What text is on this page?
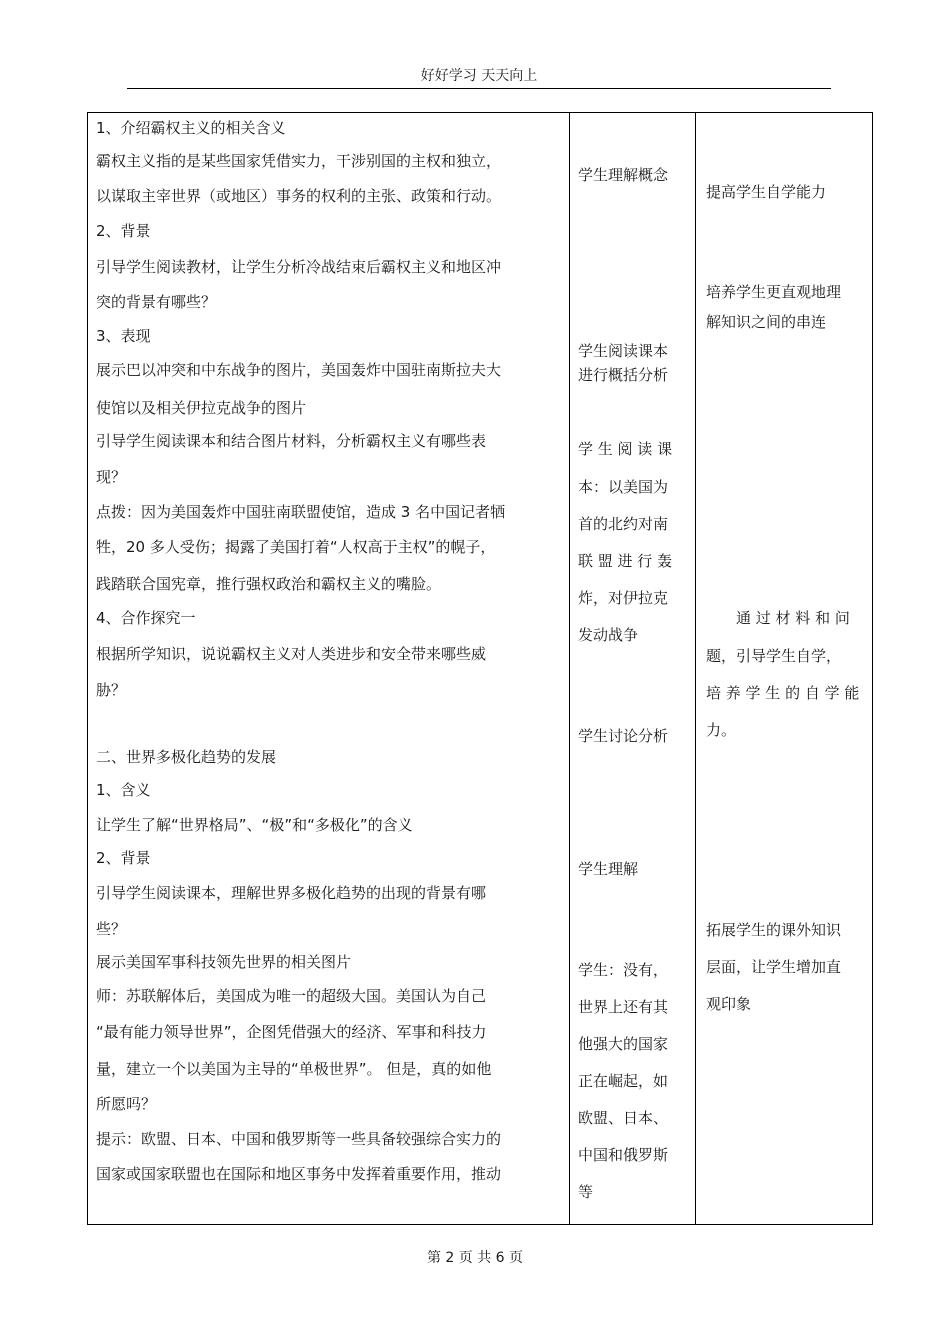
好好学习 天天向上
1、介绍霸权主义的相关含义
霸权主义指的是某些国家凭借实力，干涉别国的主权和独立，
以谋取主宰世界（或地区）事务的权利的主张、政策和行动。
2、背景
引导学生阅读教材，让学生分析冷战结束后霸权主义和地区冲
突的背景有哪些？
3、表现
展示巴以冲突和中东战争的图片，美国轰炸中国驻南斯拉夫大
使馆以及相关伊拉克战争的图片
引导学生阅读课本和结合图片材料，分析霸权主义有哪些表
现？
点拨：因为美国轰炸中国驻南联盟使馆，造成 3 名中国记者牺
牲，20 多人受伤；揭露了美国打着“人权高于主权”的幌子，
践踏联合国宪章，推行强权政治和霸权主义的嘴脸。
4、合作探究一
根据所学知识，说说霸权主义对人类进步和安全带来哪些威
胁？
二、世界多极化趋势的发展
1、含义
让学生了解“世界格局”、“极”和“多极化”的含义
2、背景
引导学生阅读课本，理解世界多极化趋势的出现的背景有哪
些？
展示美国军事科技领先世界的相关图片
师：苏联解体后，美国成为唯一的超级大国。美国认为自己
“最有能力领导世界”，企图凭借强大的经济、军事和科技力
量，建立一个以美国为主导的“单极世界”。 但是，真的如他
所愿吗？
提示：欧盟、日本、中国和俄罗斯等一些具备较强综合实力的
国家或国家联盟也在国际和地区事务中发挥着重要作用，推动
学生理解概念
学生阅读课本
进行概括分析
学 生 阅 读 课
本：以美国为
首的北约对南
联 盟 进 行 轰
炸，对伊拉克
发动战争
学生讨论分析
学生理解
学生：没有，
世界上还有其
他强大的国家
正在崛起，如
欧盟、日本、
中国和俄罗斯
等
提高学生自学能力
培养学生更直观地理
解知识之间的串连
　　通 过 材 料 和 问
题，引导学生自学，
培 养 学 生 的 自 学 能
力。
拓展学生的课外知识
层面，让学生增加直
观印象
第 2 页 共 6 页
